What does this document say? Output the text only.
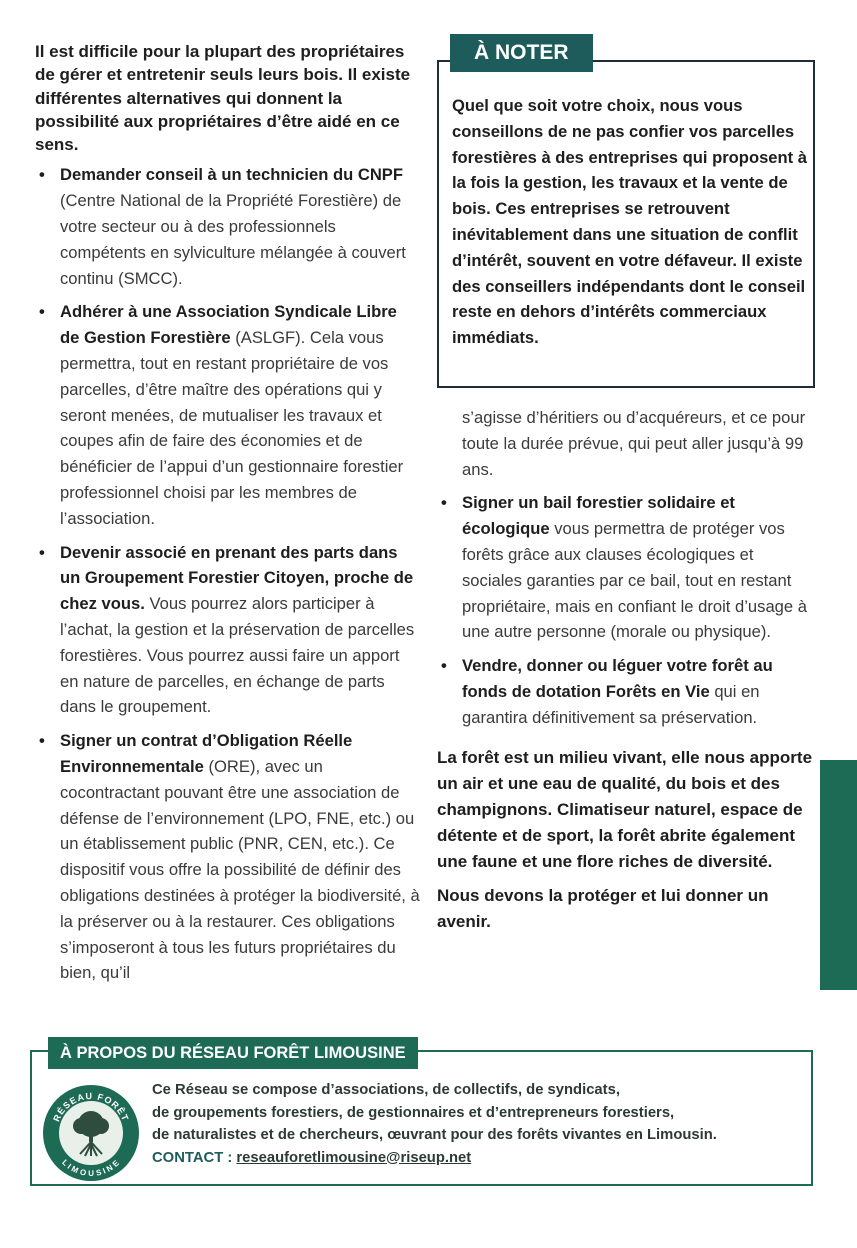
Il est difficile pour la plupart des propriétaires de gérer et entretenir seuls leurs bois. Il existe différentes alternatives qui donnent la possibilité aux propriétaires d’être aidé en ce sens.

• Demander conseil à un technicien du CNPF (Centre National de la Propriété Forestière) de votre secteur ou à des professionnels compétents en sylviculture mélangée à couvert continu (SMCC).
• Adhérer à une Association Syndicale Libre de Gestion Forestière (ASLGF). Cela vous permettra, tout en restant propriétaire de vos parcelles, d’être maître des opérations qui y seront menées, de mutualiser les travaux et coupes afin de faire des économies et de bénéficier de l’appui d’un gestionnaire forestier professionnel choisi par les membres de l’association.
• Devenir associé en prenant des parts dans un Groupement Forestier Citoyen, proche de chez vous. Vous pourrez alors participer à l’achat, la gestion et la préservation de parcelles forestières. Vous pourrez aussi faire un apport en nature de parcelles, en échange de parts dans le groupement.
• Signer un contrat d’Obligation Réelle Environnementale (ORE), avec un cocontractant pouvant être une association de défense de l’environnement (LPO, FNE, etc.) ou un établissement public (PNR, CEN, etc.). Ce dispositif vous offre la possibilité de définir des obligations destinées à protéger la biodiversité, à la préserver ou à la restaurer. Ces obligations s’imposeront à tous les futurs propriétaires du bien, qu’il
À NOTER
Quel que soit votre choix, nous vous conseillons de ne pas confier vos parcelles forestières à des entreprises qui proposent à la fois la gestion, les travaux et la vente de bois. Ces entreprises se retrouvent inévitablement dans une situation de conflit d’intérêt, souvent en votre défaveur. Il existe des conseillers indépendants dont le conseil reste en dehors d’intérêts commerciaux immédiats.

s’agisse d’héritiers ou d’acquéreurs, et ce pour toute la durée prévue, qui peut aller jusqu’à 99 ans.

• Signer un bail forestier solidaire et écologique vous permettra de protéger vos forêts grâce aux clauses écologiques et sociales garanties par ce bail, tout en restant propriétaire, mais en confiant le droit d’usage à une autre personne (morale ou physique).
• Vendre, donner ou léguer votre forêt au fonds de dotation Forêts en Vie qui en garantira définitivement sa préservation.

La forêt est un milieu vivant, elle nous apporte un air et une eau de qualité, du bois et des champignons. Climatiseur naturel, espace de détente et de sport, la forêt abrite également une faune et une flore riches de diversité.

Nous devons la protéger et lui donner un avenir.

À PROPOS DU RÉSEAU FORÊT LIMOUSINE
RÉSEAU FORÊT
LIMOUSINE
Ce Réseau se compose d’associations, de collectifs, de syndicats,
de groupements forestiers, de gestionnaires et d’entrepreneurs forestiers,
de naturalistes et de chercheurs, œuvrant pour des forêts vivantes en Limousin.
CONTACT : reseauforetlimousine@riseup.net
